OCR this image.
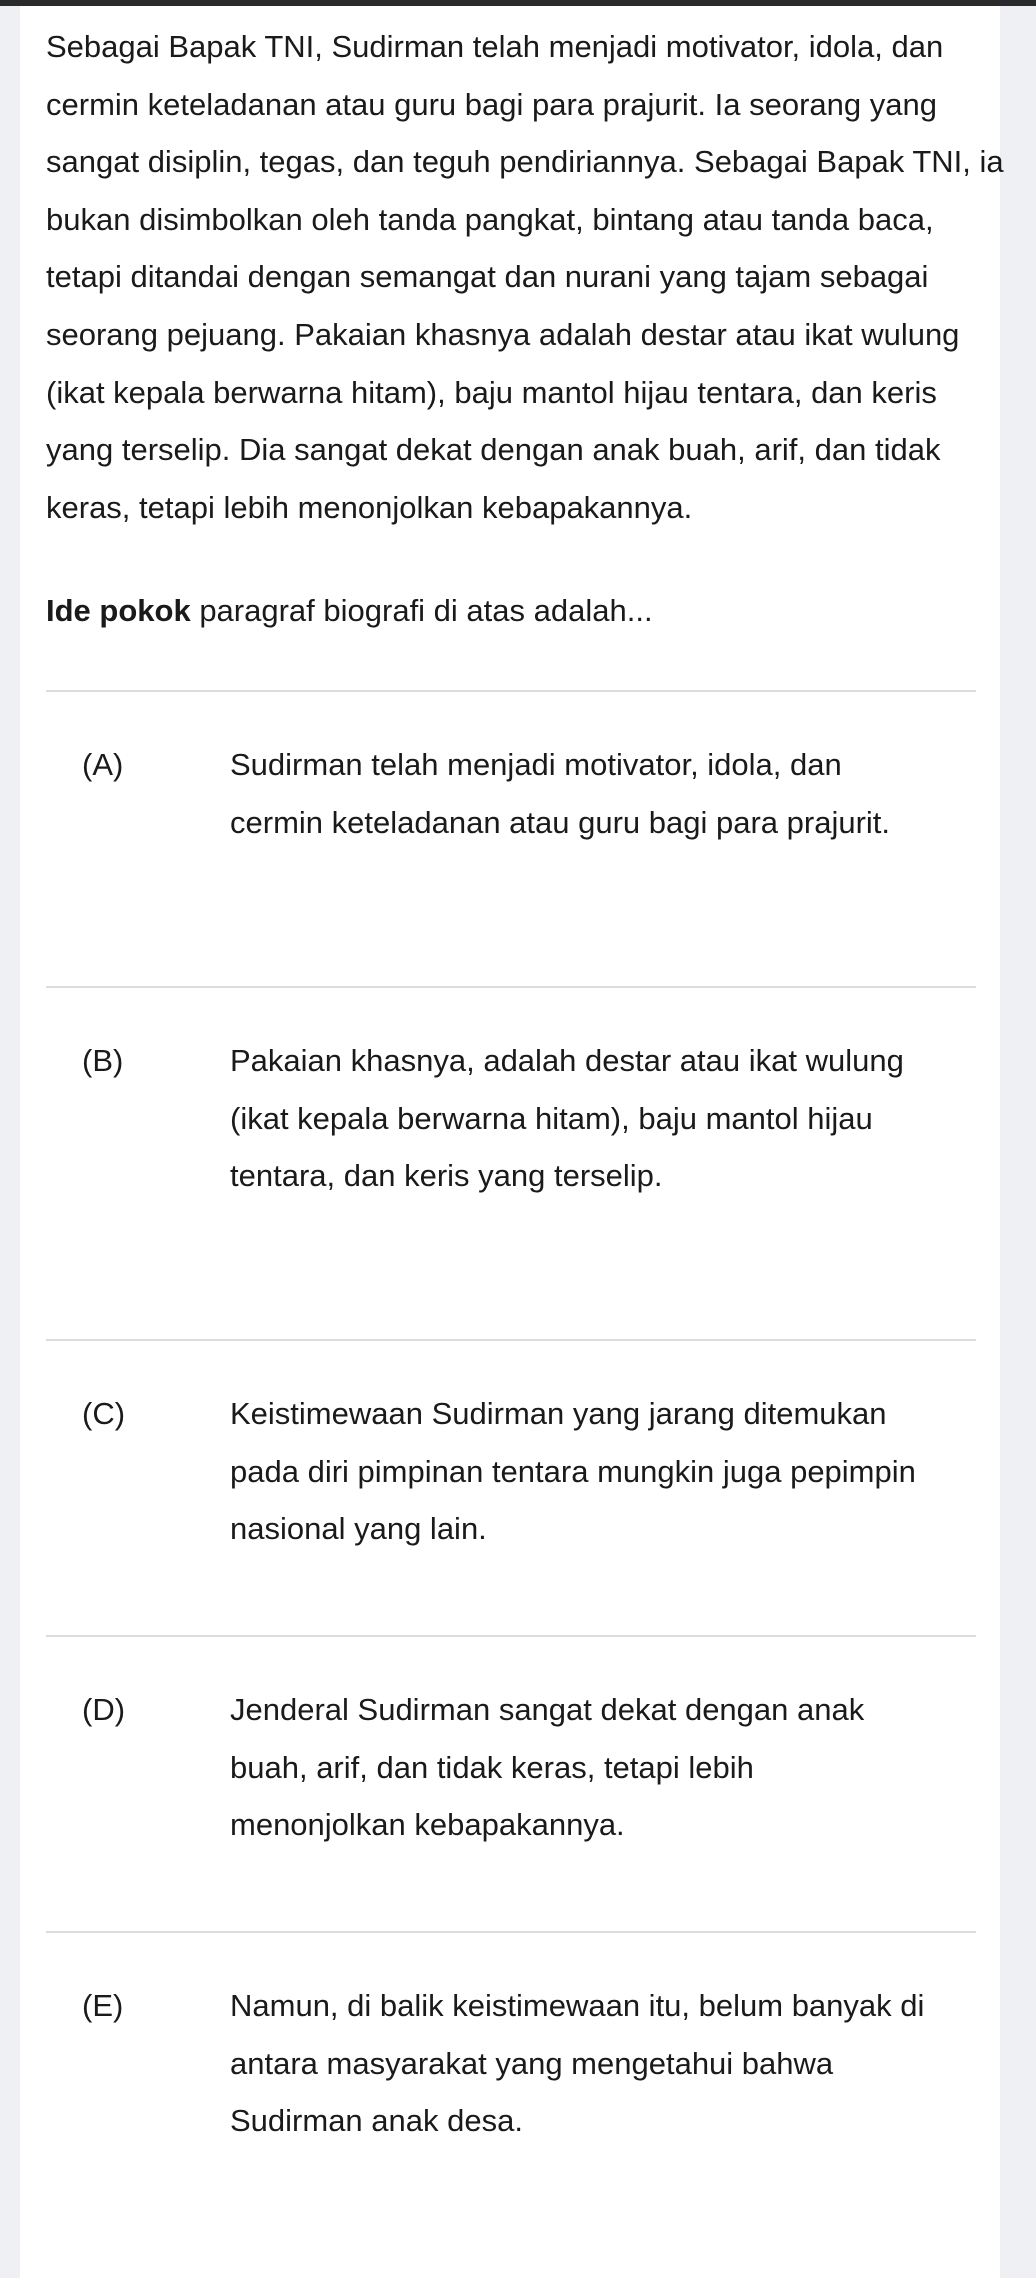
Sebagai Bapak TNI, Sudirman telah menjadi motivator, idola, dan cermin keteladanan atau guru bagi para prajurit. Ia seorang yang sangat disiplin, tegas, dan teguh pendiriannya. Sebagai Bapak TNI, ia bukan disimbolkan oleh tanda pangkat, bintang atau tanda baca, tetapi ditandai dengan semangat dan nurani yang tajam sebagai seorang pejuang. Pakaian khasnya adalah destar atau ikat wulung (ikat kepala berwarna hitam), baju mantol hijau tentara, dan keris yang terselip. Dia sangat dekat dengan anak buah, arif, dan tidak keras, tetapi lebih menonjolkan kebapakannya.

Ide pokok paragraf biografi di atas adalah...

(A)	Sudirman telah menjadi motivator, idola, dan cermin keteladanan atau guru bagi para prajurit.
(B)	Pakaian khasnya, adalah destar atau ikat wulung (ikat kepala berwarna hitam), baju mantol hijau tentara, dan keris yang terselip.
(C)	Keistimewaan Sudirman yang jarang ditemukan pada diri pimpinan tentara mungkin juga pepimpin nasional yang lain.
(D)	Jenderal Sudirman sangat dekat dengan anak buah, arif, dan tidak keras, tetapi lebih menonjolkan kebapakannya.
(E)	Namun, di balik keistimewaan itu, belum banyak di antara masyarakat yang mengetahui bahwa Sudirman anak desa.
